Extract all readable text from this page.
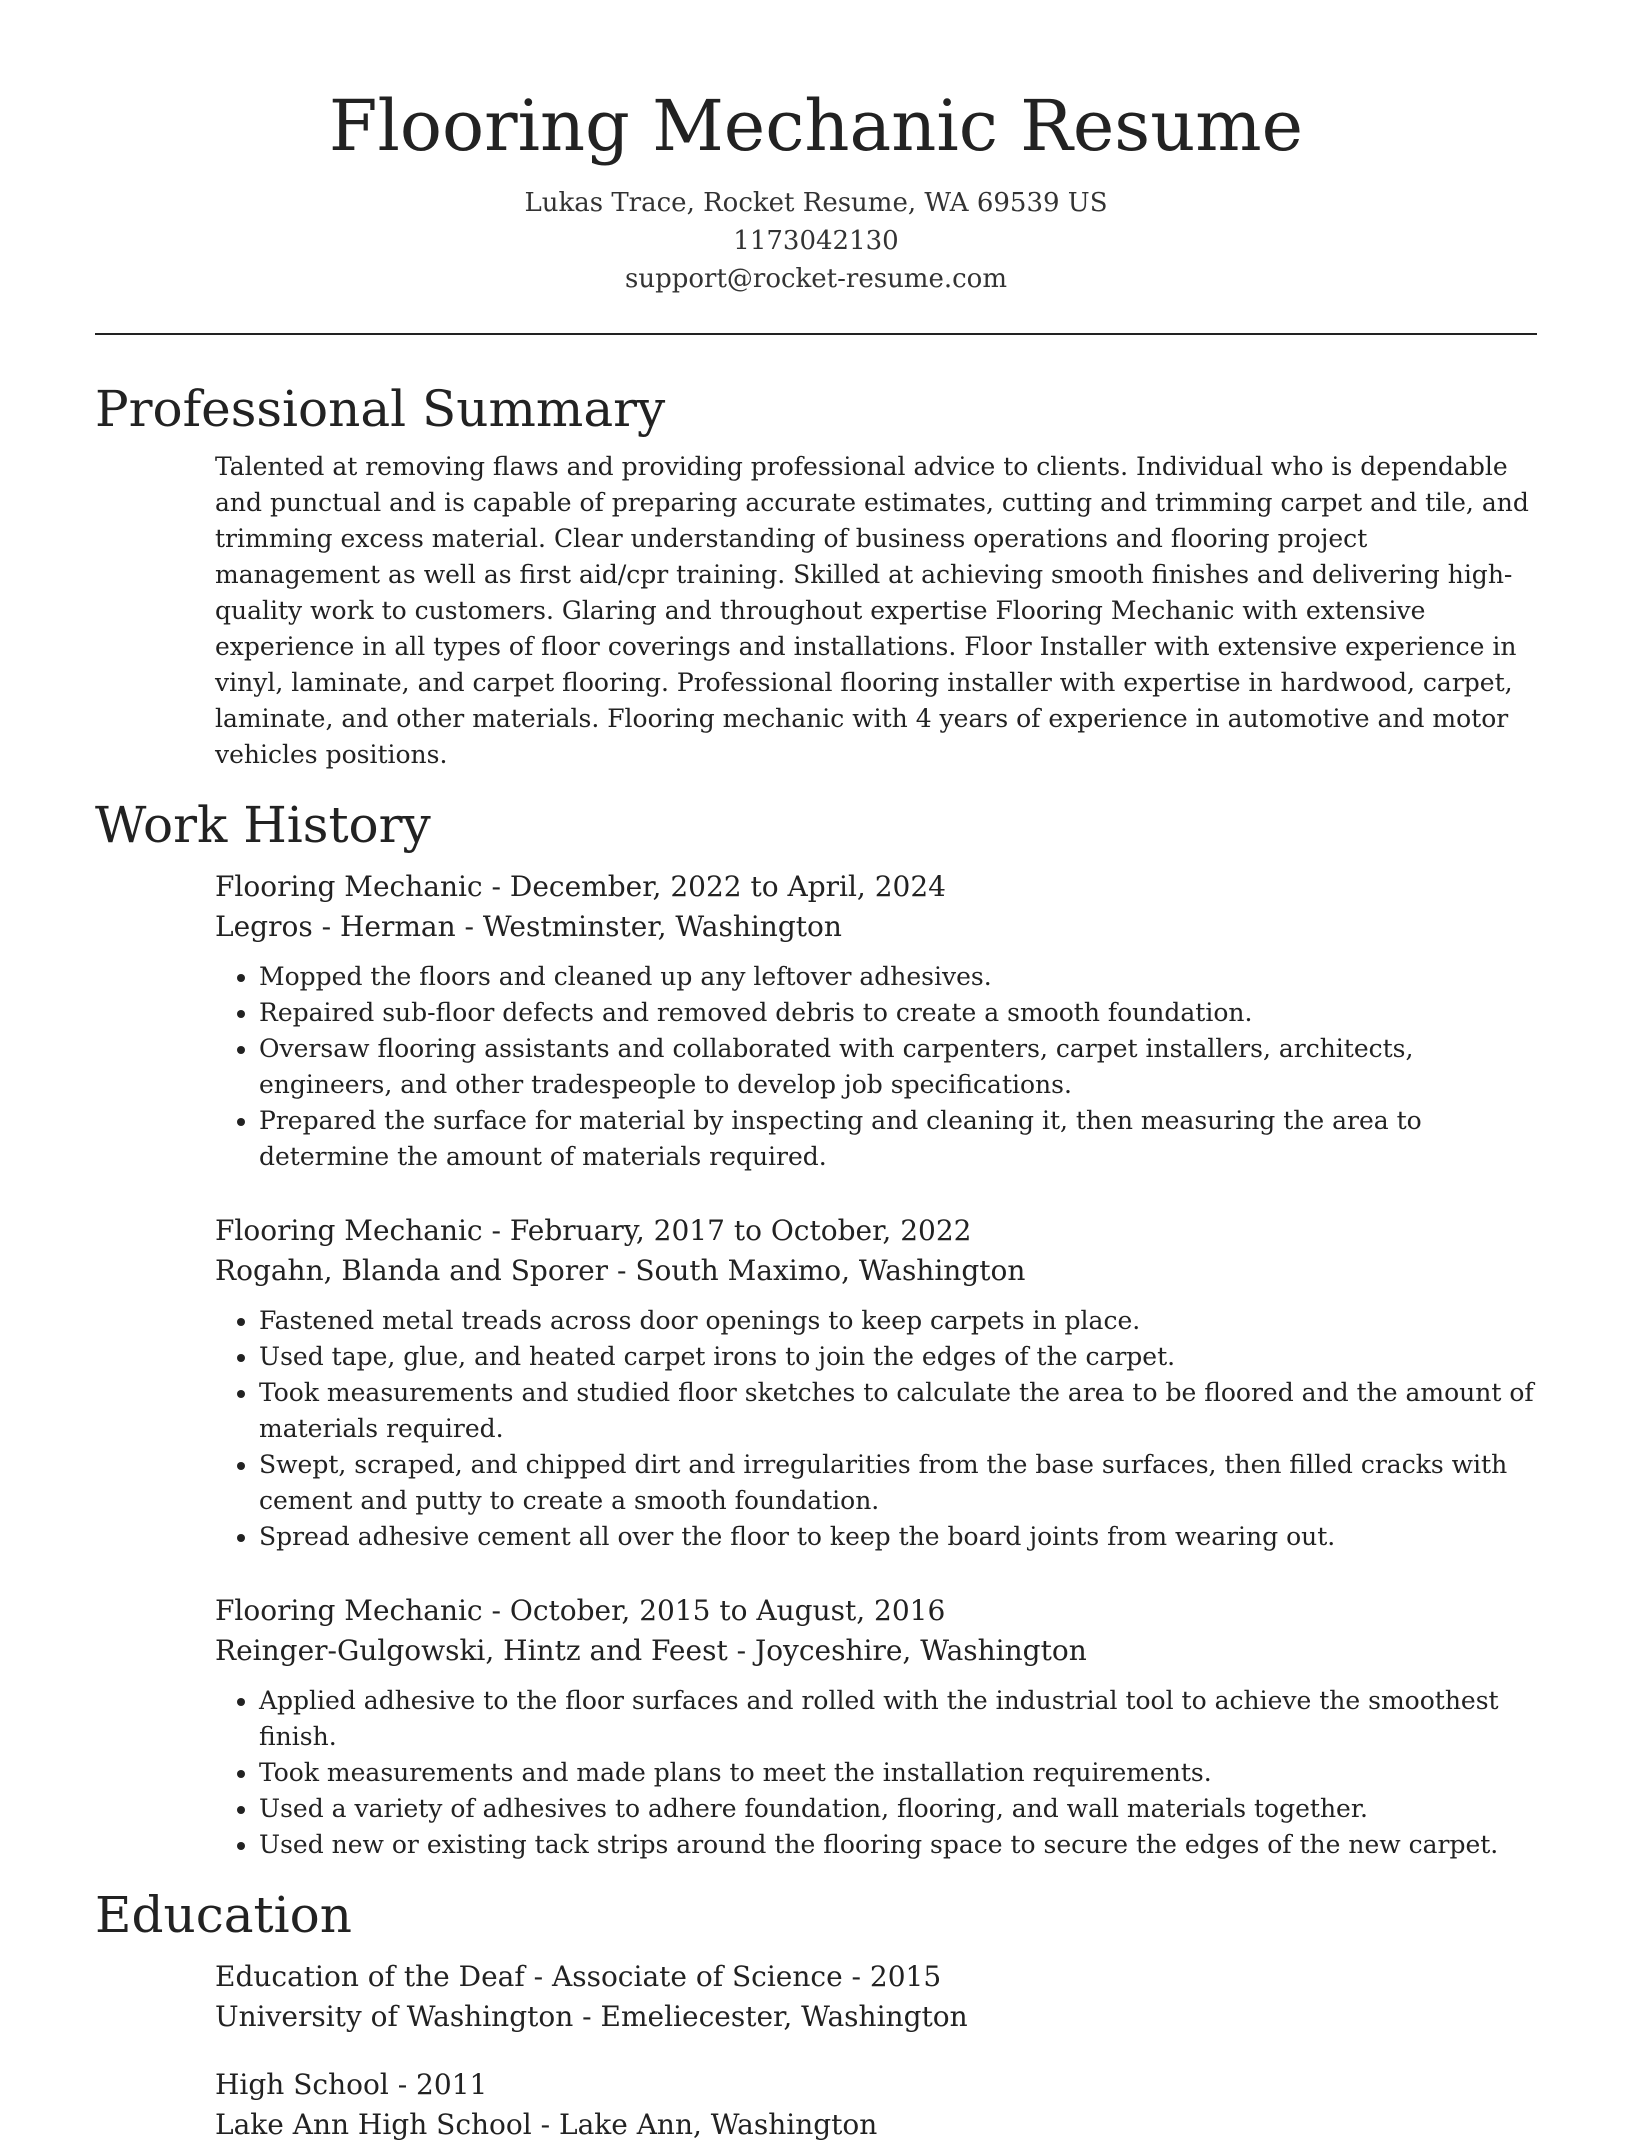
Flooring Mechanic Resume
Lukas Trace, Rocket Resume, WA 69539 US
1173042130
support@rocket-resume.com
Professional Summary
Talented at removing flaws and providing professional advice to clients. Individual who is dependable and punctual and is capable of preparing accurate estimates, cutting and trimming carpet and tile, and trimming excess material. Clear understanding of business operations and flooring project management as well as first aid/cpr training. Skilled at achieving smooth finishes and delivering high-quality work to customers. Glaring and throughout expertise Flooring Mechanic with extensive experience in all types of floor coverings and installations. Floor Installer with extensive experience in vinyl, laminate, and carpet flooring. Professional flooring installer with expertise in hardwood, carpet, laminate, and other materials. Flooring mechanic with 4 years of experience in automotive and motor vehicles positions.
Work History
Flooring Mechanic - December, 2022 to April, 2024
Legros - Herman - Westminster, Washington
• Mopped the floors and cleaned up any leftover adhesives.
• Repaired sub-floor defects and removed debris to create a smooth foundation.
• Oversaw flooring assistants and collaborated with carpenters, carpet installers, architects, engineers, and other tradespeople to develop job specifications.
• Prepared the surface for material by inspecting and cleaning it, then measuring the area to determine the amount of materials required.
Flooring Mechanic - February, 2017 to October, 2022
Rogahn, Blanda and Sporer - South Maximo, Washington
• Fastened metal treads across door openings to keep carpets in place.
• Used tape, glue, and heated carpet irons to join the edges of the carpet.
• Took measurements and studied floor sketches to calculate the area to be floored and the amount of materials required.
• Swept, scraped, and chipped dirt and irregularities from the base surfaces, then filled cracks with cement and putty to create a smooth foundation.
• Spread adhesive cement all over the floor to keep the board joints from wearing out.
Flooring Mechanic - October, 2015 to August, 2016
Reinger-Gulgowski, Hintz and Feest - Joyceshire, Washington
• Applied adhesive to the floor surfaces and rolled with the industrial tool to achieve the smoothest finish.
• Took measurements and made plans to meet the installation requirements.
• Used a variety of adhesives to adhere foundation, flooring, and wall materials together.
• Used new or existing tack strips around the flooring space to secure the edges of the new carpet.
Education
Education of the Deaf - Associate of Science - 2015
University of Washington - Emeliecester, Washington
High School - 2011
Lake Ann High School - Lake Ann, Washington
